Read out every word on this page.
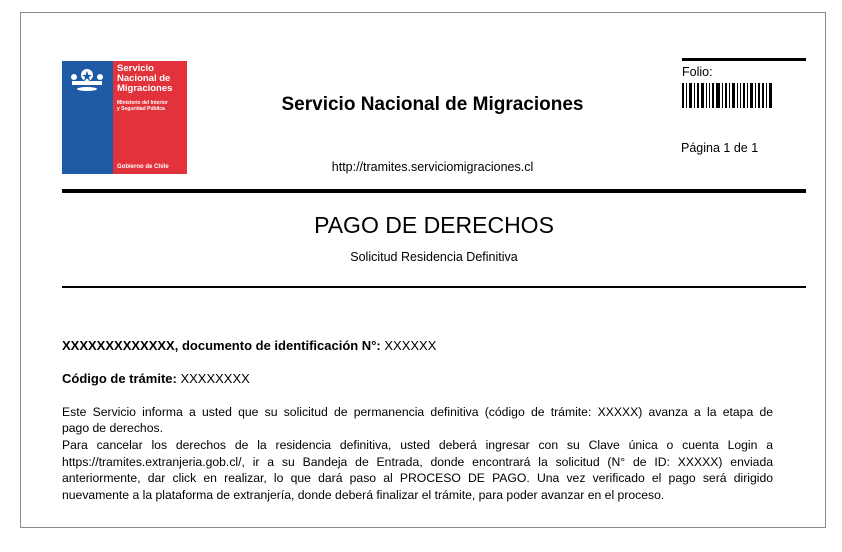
Servicio
Nacional de
Migraciones
Ministerio del Interior
y Seguridad Pública
Gobierno de Chile
Servicio Nacional de Migraciones
http://tramites.serviciomigraciones.cl
Folio:
Página 1 de 1
PAGO DE DERECHOS
Solicitud Residencia Definitiva
XXXXXXXXXXXXX, documento de identificación N°: XXXXXX
Código de trámite: XXXXXXXX
Este Servicio informa a usted que su solicitud de permanencia definitiva (código de trámite: XXXXX) avanza a la etapa de
pago de derechos.
Para cancelar los derechos de la residencia definitiva, usted deberá ingresar con su Clave única o cuenta Login a
https://tramites.extranjeria.gob.cl/, ir a su Bandeja de Entrada, donde encontrará la solicitud (N° de ID: XXXXX) enviada
anteriormente, dar click en realizar, lo que dará paso al PROCESO DE PAGO. Una vez verificado el pago será dirigido
nuevamente a la plataforma de extranjería, donde deberá finalizar el trámite, para poder avanzar en el proceso.
